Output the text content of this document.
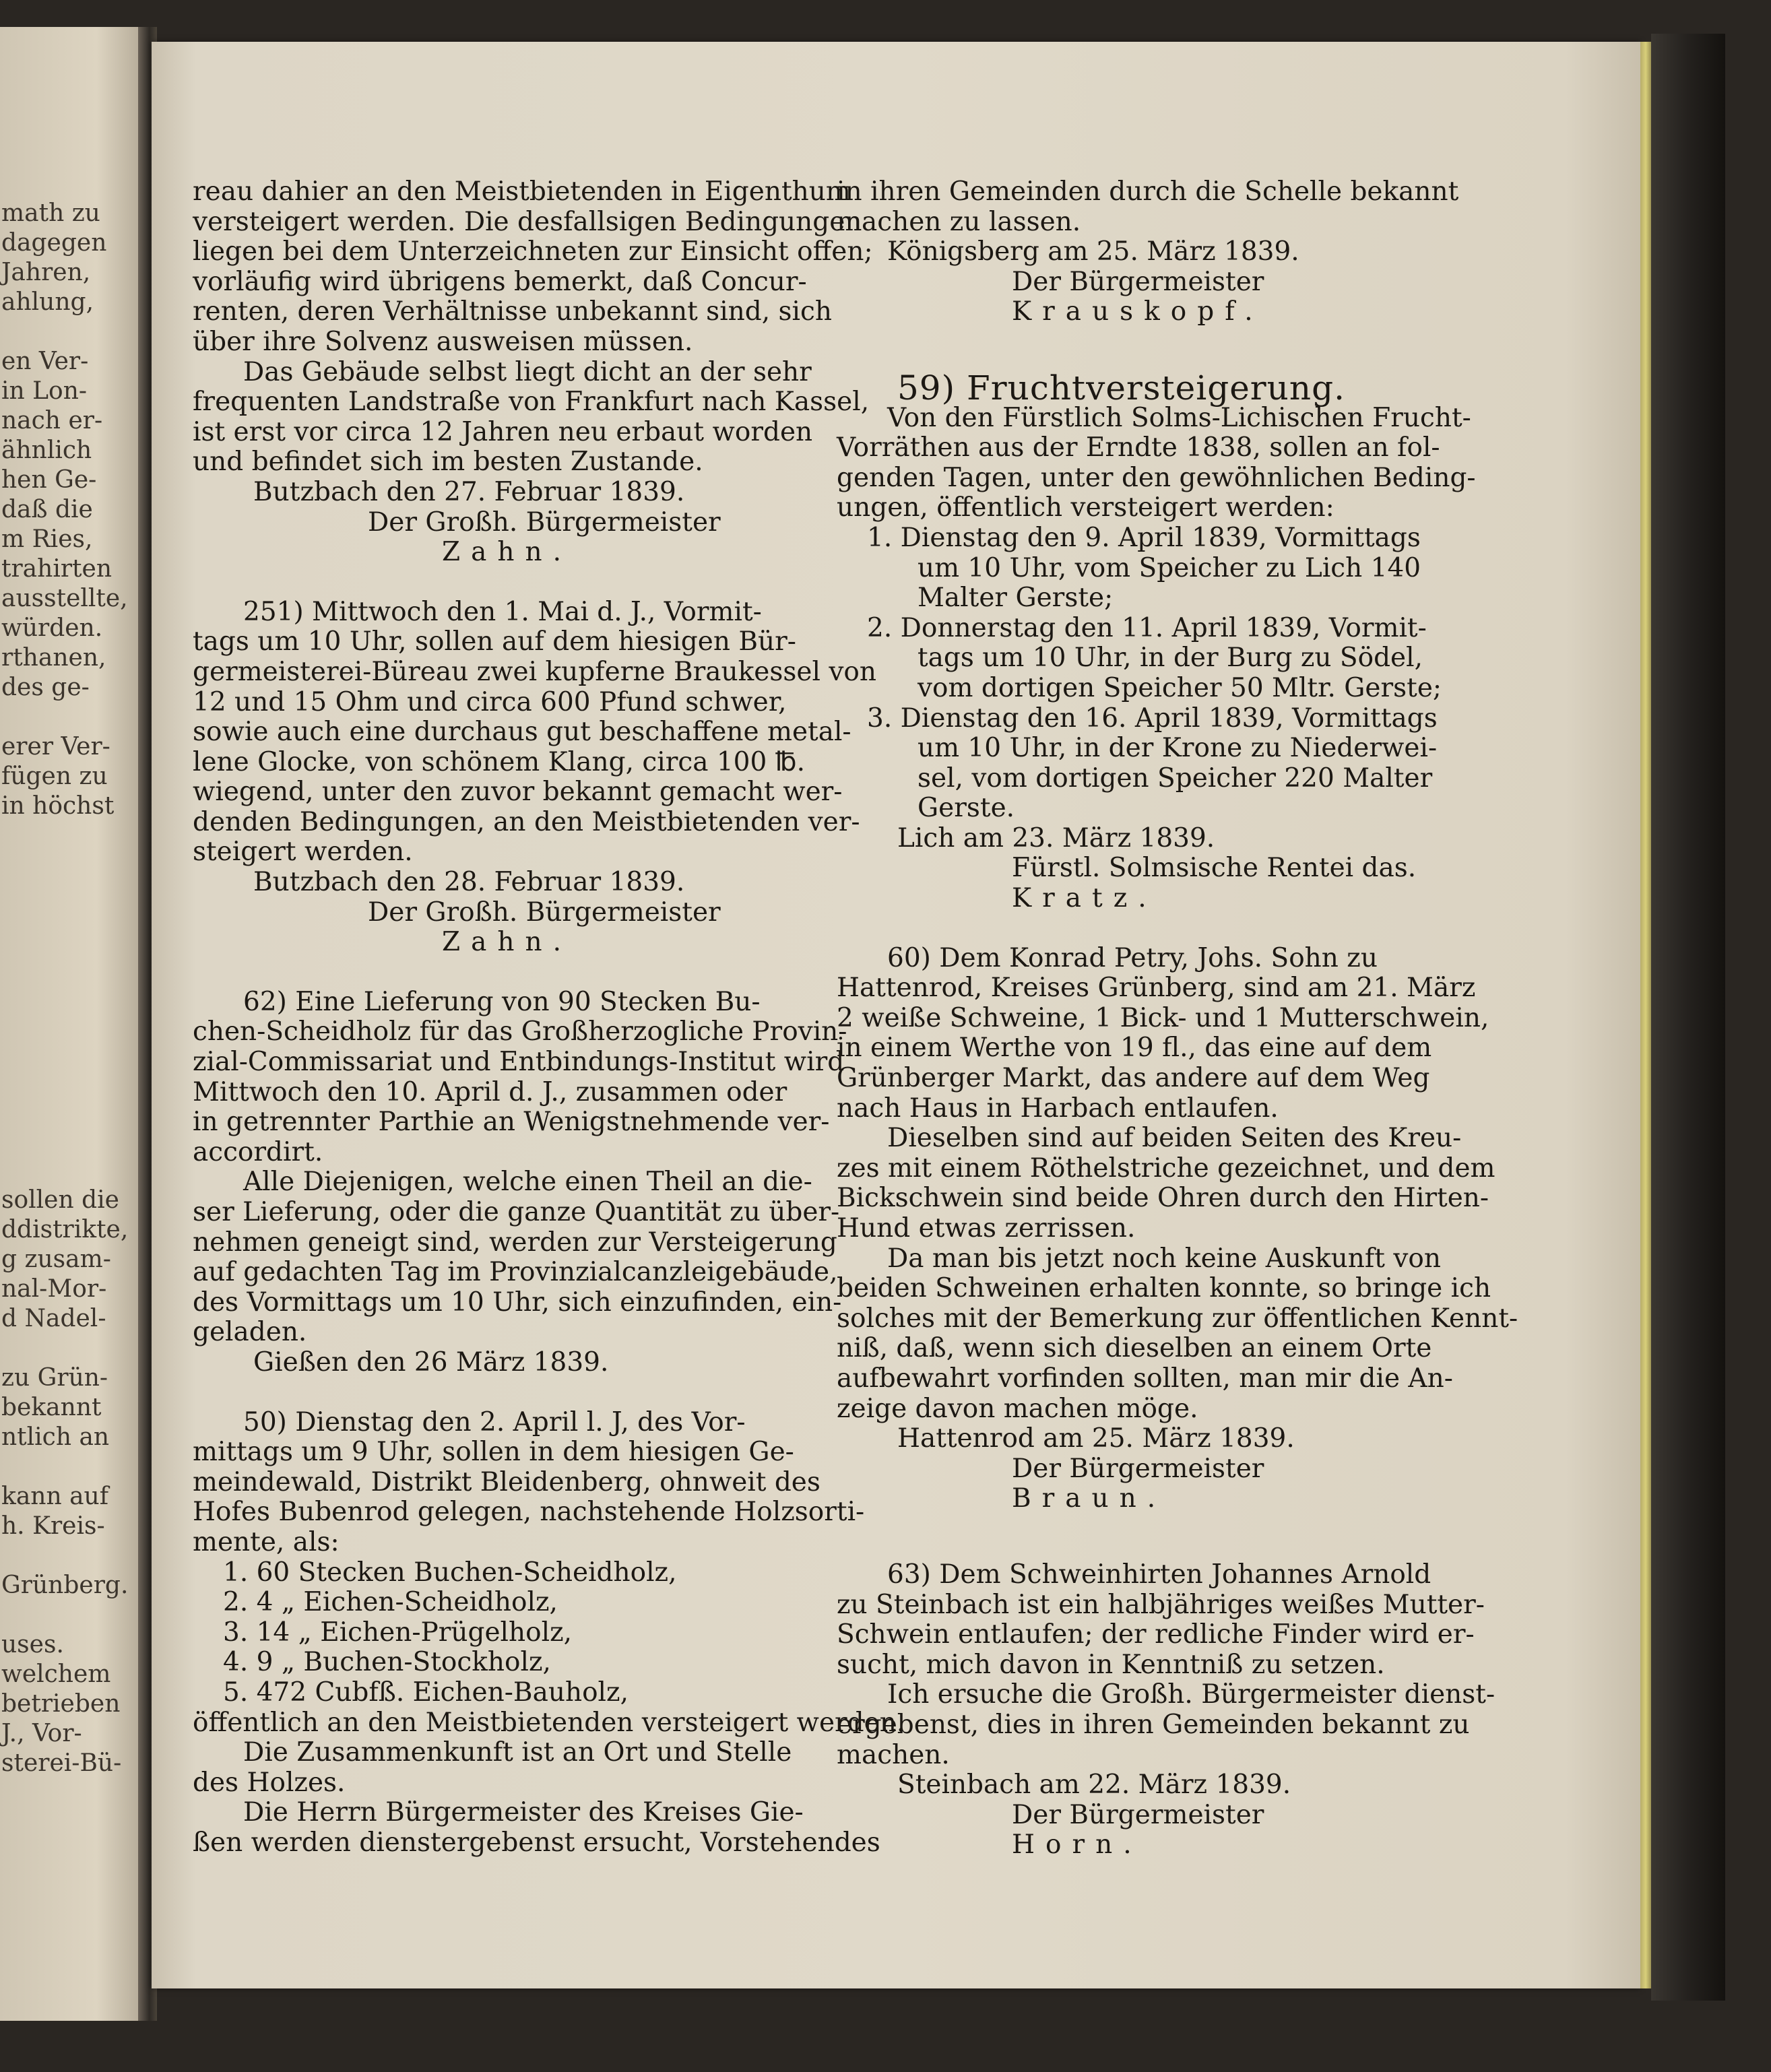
math zu
dagegen
Jahren,
ahlung,
en Ver-
in Lon-
nach er-
ähnlich
hen Ge-
daß die
m Ries,
trahirten
ausstellte,
würden.
rthanen,
des ge-
erer Ver-
fügen zu
in höchst
sollen die
ddistrikte,
g zusam-
nal-Mor-
d Nadel-
zu Grün-
bekannt
ntlich an
kann auf
h. Kreis-
Grünberg.
uses.
welchem
betrieben
J., Vor-
sterei-Bü-
reau dahier an den Meistbietenden in Eigenthum
versteigert werden. Die desfallsigen Bedingungen
liegen bei dem Unterzeichneten zur Einsicht offen;
vorläufig wird übrigens bemerkt, daß Concur-
renten, deren Verhältnisse unbekannt sind, sich
über ihre Solvenz ausweisen müssen.
Das Gebäude selbst liegt dicht an der sehr
frequenten Landstraße von Frankfurt nach Kassel,
ist erst vor circa 12 Jahren neu erbaut worden
und befindet sich im besten Zustande.
Butzbach den 27. Februar 1839.
Der Großh. Bürgermeister
Zahn.
251) Mittwoch den 1. Mai d. J., Vormit-
tags um 10 Uhr, sollen auf dem hiesigen Bür-
germeisterei-Büreau zwei kupferne Braukessel von
12 und 15 Ohm und circa 600 Pfund schwer,
sowie auch eine durchaus gut beschaffene metal-
lene Glocke, von schönem Klang, circa 100 ℔.
wiegend, unter den zuvor bekannt gemacht wer-
denden Bedingungen, an den Meistbietenden ver-
steigert werden.
Butzbach den 28. Februar 1839.
Der Großh. Bürgermeister
Zahn.
62) Eine Lieferung von 90 Stecken Bu-
chen-Scheidholz für das Großherzogliche Provin-
zial-Commissariat und Entbindungs-Institut wird
Mittwoch den 10. April d. J., zusammen oder
in getrennter Parthie an Wenigstnehmende ver-
accordirt.
Alle Diejenigen, welche einen Theil an die-
ser Lieferung, oder die ganze Quantität zu über-
nehmen geneigt sind, werden zur Versteigerung
auf gedachten Tag im Provinzialcanzleigebäude,
des Vormittags um 10 Uhr, sich einzufinden, ein-
geladen.
Gießen den 26 März 1839.
50) Dienstag den 2. April l. J, des Vor-
mittags um 9 Uhr, sollen in dem hiesigen Ge-
meindewald, Distrikt Bleidenberg, ohnweit des
Hofes Bubenrod gelegen, nachstehende Holzsorti-
mente, als:
1. 60 Stecken Buchen-Scheidholz,
2. 4 „ Eichen-Scheidholz,
3. 14 „ Eichen-Prügelholz,
4. 9 „ Buchen-Stockholz,
5. 472 Cubfß. Eichen-Bauholz,
öffentlich an den Meistbietenden versteigert werden.
Die Zusammenkunft ist an Ort und Stelle
des Holzes.
Die Herrn Bürgermeister des Kreises Gie-
ßen werden dienstergebenst ersucht, Vorstehendes
in ihren Gemeinden durch die Schelle bekannt
machen zu lassen.
Königsberg am 25. März 1839.
Der Bürgermeister
Krauskopf.
59) Fruchtversteigerung.
Von den Fürstlich Solms-Lichischen Frucht-
Vorräthen aus der Erndte 1838, sollen an fol-
genden Tagen, unter den gewöhnlichen Beding-
ungen, öffentlich versteigert werden:
1. Dienstag den 9. April 1839, Vormittags
um 10 Uhr, vom Speicher zu Lich 140
Malter Gerste;
2. Donnerstag den 11. April 1839, Vormit-
tags um 10 Uhr, in der Burg zu Södel,
vom dortigen Speicher 50 Mltr. Gerste;
3. Dienstag den 16. April 1839, Vormittags
um 10 Uhr, in der Krone zu Niederwei-
sel, vom dortigen Speicher 220 Malter
Gerste.
Lich am 23. März 1839.
Fürstl. Solmsische Rentei das.
Kratz.
60) Dem Konrad Petry, Johs. Sohn zu
Hattenrod, Kreises Grünberg, sind am 21. März
2 weiße Schweine, 1 Bick- und 1 Mutterschwein,
in einem Werthe von 19 fl., das eine auf dem
Grünberger Markt, das andere auf dem Weg
nach Haus in Harbach entlaufen.
Dieselben sind auf beiden Seiten des Kreu-
zes mit einem Röthelstriche gezeichnet, und dem
Bickschwein sind beide Ohren durch den Hirten-
Hund etwas zerrissen.
Da man bis jetzt noch keine Auskunft von
beiden Schweinen erhalten konnte, so bringe ich
solches mit der Bemerkung zur öffentlichen Kennt-
niß, daß, wenn sich dieselben an einem Orte
aufbewahrt vorfinden sollten, man mir die An-
zeige davon machen möge.
Hattenrod am 25. März 1839.
Der Bürgermeister
Braun.
63) Dem Schweinhirten Johannes Arnold
zu Steinbach ist ein halbjähriges weißes Mutter-
Schwein entlaufen; der redliche Finder wird er-
sucht, mich davon in Kenntniß zu setzen.
Ich ersuche die Großh. Bürgermeister dienst-
ergebenst, dies in ihren Gemeinden bekannt zu
machen.
Steinbach am 22. März 1839.
Der Bürgermeister
Horn.
